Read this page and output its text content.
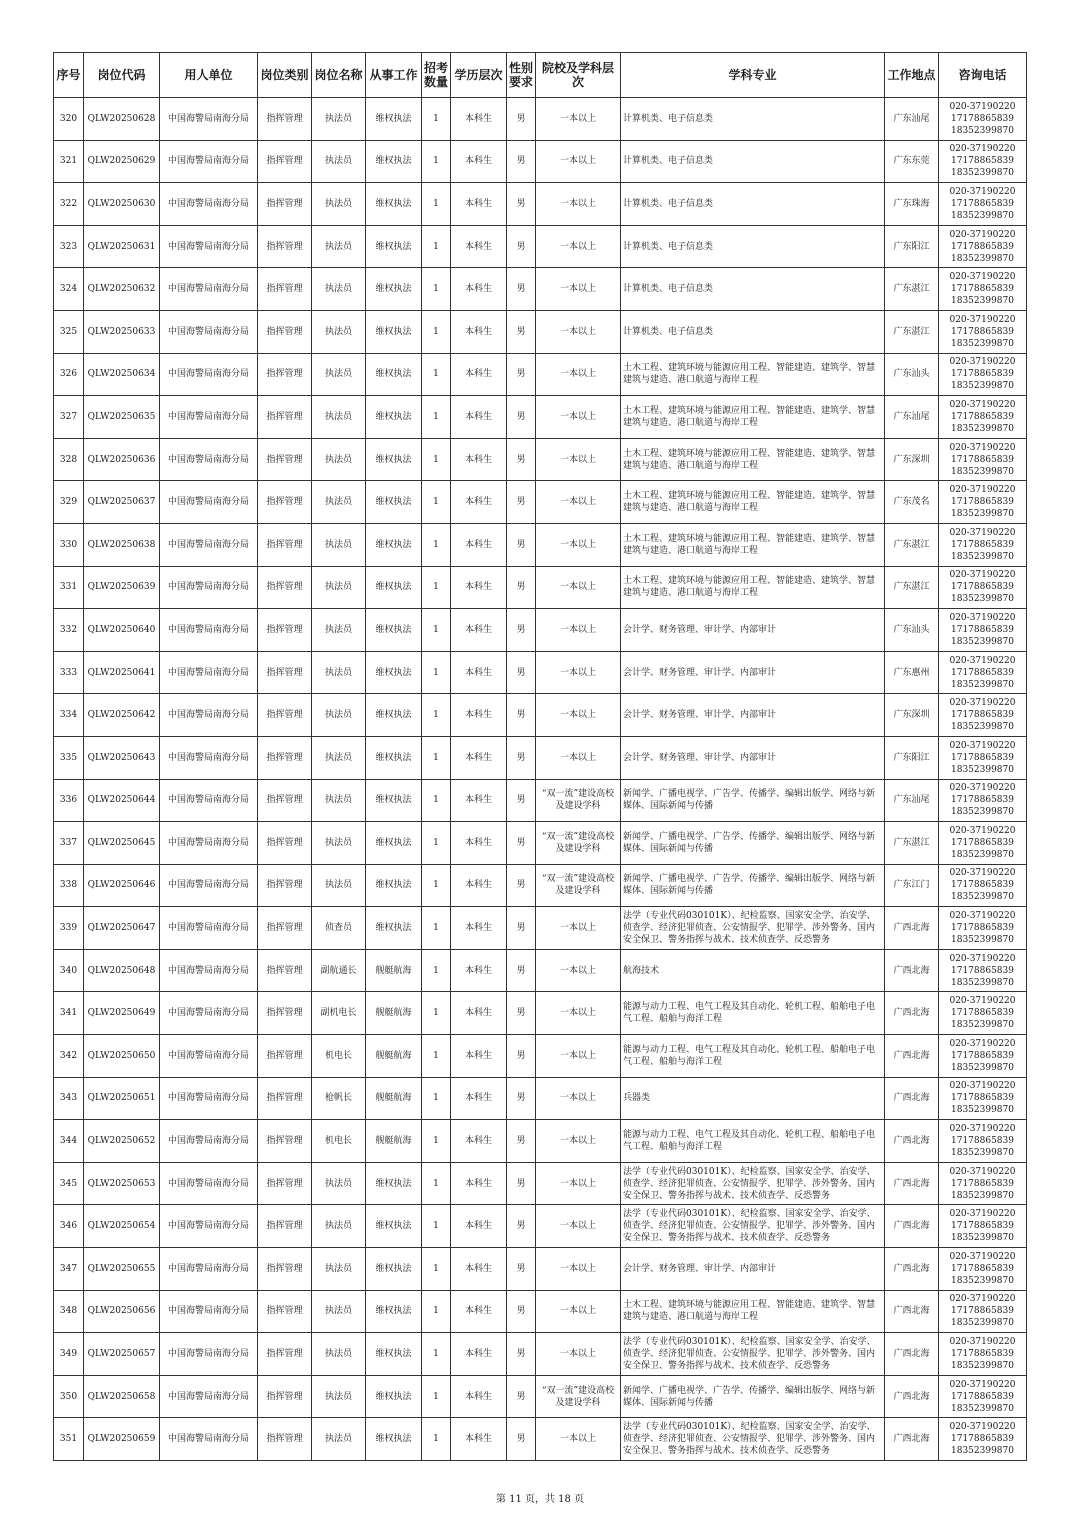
序号	岗位代码	用人单位	岗位类别	岗位名称	从事工作	招考数量	学历层次	性别要求	院校及学科层次	学科专业	工作地点	咨询电话
320	QLW20250628	中国海警局南海分局	指挥管理	执法员	维权执法	1	本科生	男	一本以上	计算机类、电子信息类	广东汕尾	020-37190220
17178865839
18352399870

321	QLW20250629	中国海警局南海分局	指挥管理	执法员	维权执法	1	本科生	男	一本以上	计算机类、电子信息类	广东东莞	020-37190220
17178865839
18352399870

322	QLW20250630	中国海警局南海分局	指挥管理	执法员	维权执法	1	本科生	男	一本以上	计算机类、电子信息类	广东珠海	020-37190220
17178865839
18352399870

323	QLW20250631	中国海警局南海分局	指挥管理	执法员	维权执法	1	本科生	男	一本以上	计算机类、电子信息类	广东阳江	020-37190220
17178865839
18352399870

324	QLW20250632	中国海警局南海分局	指挥管理	执法员	维权执法	1	本科生	男	一本以上	计算机类、电子信息类	广东湛江	020-37190220
17178865839
18352399870

325	QLW20250633	中国海警局南海分局	指挥管理	执法员	维权执法	1	本科生	男	一本以上	计算机类、电子信息类	广东湛江	020-37190220
17178865839
18352399870

326	QLW20250634	中国海警局南海分局	指挥管理	执法员	维权执法	1	本科生	男	一本以上	土木工程、建筑环境与能源应用工程、智能建造、建筑学、智慧建筑与建造、港口航道与海岸工程	广东汕头	020-37190220
17178865839
18352399870

327	QLW20250635	中国海警局南海分局	指挥管理	执法员	维权执法	1	本科生	男	一本以上	土木工程、建筑环境与能源应用工程、智能建造、建筑学、智慧建筑与建造、港口航道与海岸工程	广东汕尾	020-37190220
17178865839
18352399870

328	QLW20250636	中国海警局南海分局	指挥管理	执法员	维权执法	1	本科生	男	一本以上	土木工程、建筑环境与能源应用工程、智能建造、建筑学、智慧建筑与建造、港口航道与海岸工程	广东深圳	020-37190220
17178865839
18352399870

329	QLW20250637	中国海警局南海分局	指挥管理	执法员	维权执法	1	本科生	男	一本以上	土木工程、建筑环境与能源应用工程、智能建造、建筑学、智慧建筑与建造、港口航道与海岸工程	广东茂名	020-37190220
17178865839
18352399870

330	QLW20250638	中国海警局南海分局	指挥管理	执法员	维权执法	1	本科生	男	一本以上	土木工程、建筑环境与能源应用工程、智能建造、建筑学、智慧建筑与建造、港口航道与海岸工程	广东湛江	020-37190220
17178865839
18352399870

331	QLW20250639	中国海警局南海分局	指挥管理	执法员	维权执法	1	本科生	男	一本以上	土木工程、建筑环境与能源应用工程、智能建造、建筑学、智慧建筑与建造、港口航道与海岸工程	广东湛江	020-37190220
17178865839
18352399870

332	QLW20250640	中国海警局南海分局	指挥管理	执法员	维权执法	1	本科生	男	一本以上	会计学、财务管理、审计学、内部审计	广东汕头	020-37190220
17178865839
18352399870

333	QLW20250641	中国海警局南海分局	指挥管理	执法员	维权执法	1	本科生	男	一本以上	会计学、财务管理、审计学、内部审计	广东惠州	020-37190220
17178865839
18352399870

334	QLW20250642	中国海警局南海分局	指挥管理	执法员	维权执法	1	本科生	男	一本以上	会计学、财务管理、审计学、内部审计	广东深圳	020-37190220
17178865839
18352399870

335	QLW20250643	中国海警局南海分局	指挥管理	执法员	维权执法	1	本科生	男	一本以上	会计学、财务管理、审计学、内部审计	广东阳江	020-37190220
17178865839
18352399870

336	QLW20250644	中国海警局南海分局	指挥管理	执法员	维权执法	1	本科生	男	“双一流”建设高校及建设学科	新闻学、广播电视学、广告学、传播学、编辑出版学、网络与新媒体、国际新闻与传播	广东汕尾	020-37190220
17178865839
18352399870

337	QLW20250645	中国海警局南海分局	指挥管理	执法员	维权执法	1	本科生	男	“双一流”建设高校及建设学科	新闻学、广播电视学、广告学、传播学、编辑出版学、网络与新媒体、国际新闻与传播	广东湛江	020-37190220
17178865839
18352399870

338	QLW20250646	中国海警局南海分局	指挥管理	执法员	维权执法	1	本科生	男	“双一流”建设高校及建设学科	新闻学、广播电视学、广告学、传播学、编辑出版学、网络与新媒体、国际新闻与传播	广东江门	020-37190220
17178865839
18352399870

339	QLW20250647	中国海警局南海分局	指挥管理	侦查员	维权执法	1	本科生	男	一本以上	法学（专业代码030101K）、纪检监察、国家安全学、治安学、侦查学、经济犯罪侦查、公安情报学、犯罪学、涉外警务、国内安全保卫、警务指挥与战术、技术侦查学、反恐警务	广西北海	020-37190220
17178865839
18352399870

340	QLW20250648	中国海警局南海分局	指挥管理	副航通长	舰艇航海	1	本科生	男	一本以上	航海技术	广西北海	020-37190220
17178865839
18352399870

341	QLW20250649	中国海警局南海分局	指挥管理	副机电长	舰艇航海	1	本科生	男	一本以上	能源与动力工程、电气工程及其自动化、轮机工程、船舶电子电气工程、船舶与海洋工程	广西北海	020-37190220
17178865839
18352399870

342	QLW20250650	中国海警局南海分局	指挥管理	机电长	舰艇航海	1	本科生	男	一本以上	能源与动力工程、电气工程及其自动化、轮机工程、船舶电子电气工程、船舶与海洋工程	广西北海	020-37190220
17178865839
18352399870

343	QLW20250651	中国海警局南海分局	指挥管理	枪帆长	舰艇航海	1	本科生	男	一本以上	兵器类	广西北海	020-37190220
17178865839
18352399870

344	QLW20250652	中国海警局南海分局	指挥管理	机电长	舰艇航海	1	本科生	男	一本以上	能源与动力工程、电气工程及其自动化、轮机工程、船舶电子电气工程、船舶与海洋工程	广西北海	020-37190220
17178865839
18352399870

345	QLW20250653	中国海警局南海分局	指挥管理	执法员	维权执法	1	本科生	男	一本以上	法学（专业代码030101K）、纪检监察、国家安全学、治安学、侦查学、经济犯罪侦查、公安情报学、犯罪学、涉外警务、国内安全保卫、警务指挥与战术、技术侦查学、反恐警务	广西北海	020-37190220
17178865839
18352399870

346	QLW20250654	中国海警局南海分局	指挥管理	执法员	维权执法	1	本科生	男	一本以上	法学（专业代码030101K）、纪检监察、国家安全学、治安学、侦查学、经济犯罪侦查、公安情报学、犯罪学、涉外警务、国内安全保卫、警务指挥与战术、技术侦查学、反恐警务	广西北海	020-37190220
17178865839
18352399870

347	QLW20250655	中国海警局南海分局	指挥管理	执法员	维权执法	1	本科生	男	一本以上	会计学、财务管理、审计学、内部审计	广西北海	020-37190220
17178865839
18352399870

348	QLW20250656	中国海警局南海分局	指挥管理	执法员	维权执法	1	本科生	男	一本以上	土木工程、建筑环境与能源应用工程、智能建造、建筑学、智慧建筑与建造、港口航道与海岸工程	广西北海	020-37190220
17178865839
18352399870

349	QLW20250657	中国海警局南海分局	指挥管理	执法员	维权执法	1	本科生	男	一本以上	法学（专业代码030101K）、纪检监察、国家安全学、治安学、侦查学、经济犯罪侦查、公安情报学、犯罪学、涉外警务、国内安全保卫、警务指挥与战术、技术侦查学、反恐警务	广西北海	020-37190220
17178865839
18352399870

350	QLW20250658	中国海警局南海分局	指挥管理	执法员	维权执法	1	本科生	男	“双一流”建设高校及建设学科	新闻学、广播电视学、广告学、传播学、编辑出版学、网络与新媒体、国际新闻与传播	广西北海	020-37190220
17178865839
18352399870

351	QLW20250659	中国海警局南海分局	指挥管理	执法员	维权执法	1	本科生	男	一本以上	法学（专业代码030101K）、纪检监察、国家安全学、治安学、侦查学、经济犯罪侦查、公安情报学、犯罪学、涉外警务、国内安全保卫、警务指挥与战术、技术侦查学、反恐警务	广西北海	020-37190220
17178865839
18352399870
第 11 页，共 18 页
